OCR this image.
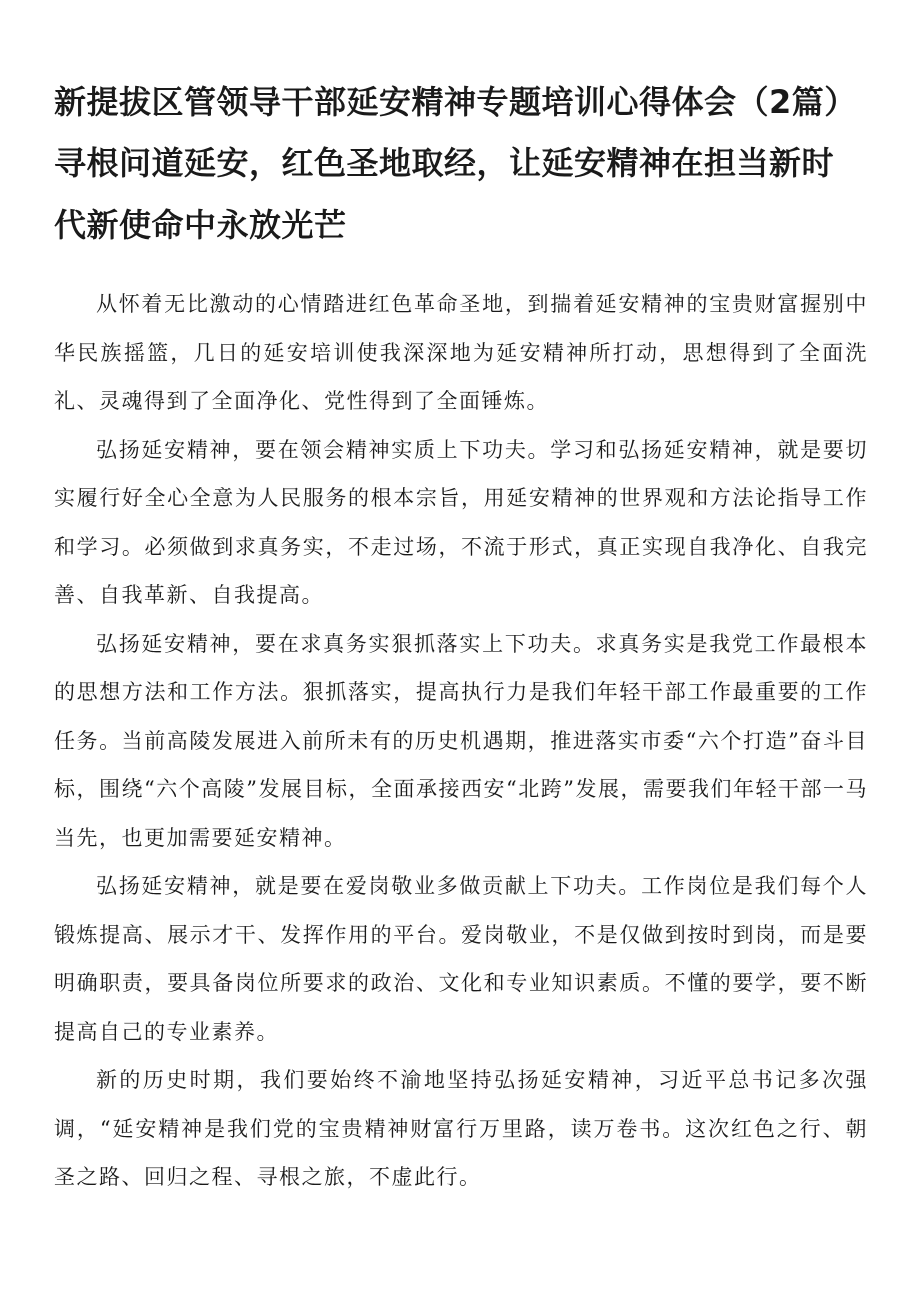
新提拔区管领导干部延安精神专题培训心得体会（2篇）
寻根问道延安，红色圣地取经，让延安精神在担当新时代新使命中永放光芒

从怀着无比激动的心情踏进红色革命圣地，到揣着延安精神的宝贵财富握别中华民族摇篮，几日的延安培训使我深深地为延安精神所打动，思想得到了全面洗礼、灵魂得到了全面净化、党性得到了全面锤炼。

弘扬延安精神，要在领会精神实质上下功夫。学习和弘扬延安精神，就是要切实履行好全心全意为人民服务的根本宗旨，用延安精神的世界观和方法论指导工作和学习。必须做到求真务实，不走过场，不流于形式，真正实现自我净化、自我完善、自我革新、自我提高。

弘扬延安精神，要在求真务实狠抓落实上下功夫。求真务实是我党工作最根本的思想方法和工作方法。狠抓落实，提高执行力是我们年轻干部工作最重要的工作任务。当前高陵发展进入前所未有的历史机遇期，推进落实市委“六个打造”奋斗目标，围绕“六个高陵”发展目标，全面承接西安“北跨”发展，需要我们年轻干部一马当先，也更加需要延安精神。

弘扬延安精神，就是要在爱岗敬业多做贡献上下功夫。工作岗位是我们每个人锻炼提高、展示才干、发挥作用的平台。爱岗敬业，不是仅做到按时到岗，而是要明确职责，要具备岗位所要求的政治、文化和专业知识素质。不懂的要学，要不断提高自己的专业素养。

新的历史时期，我们要始终不渝地坚持弘扬延安精神，习近平总书记多次强调，“延安精神是我们党的宝贵精神财富行万里路，读万卷书。这次红色之行、朝圣之路、回归之程、寻根之旅，不虚此行。
